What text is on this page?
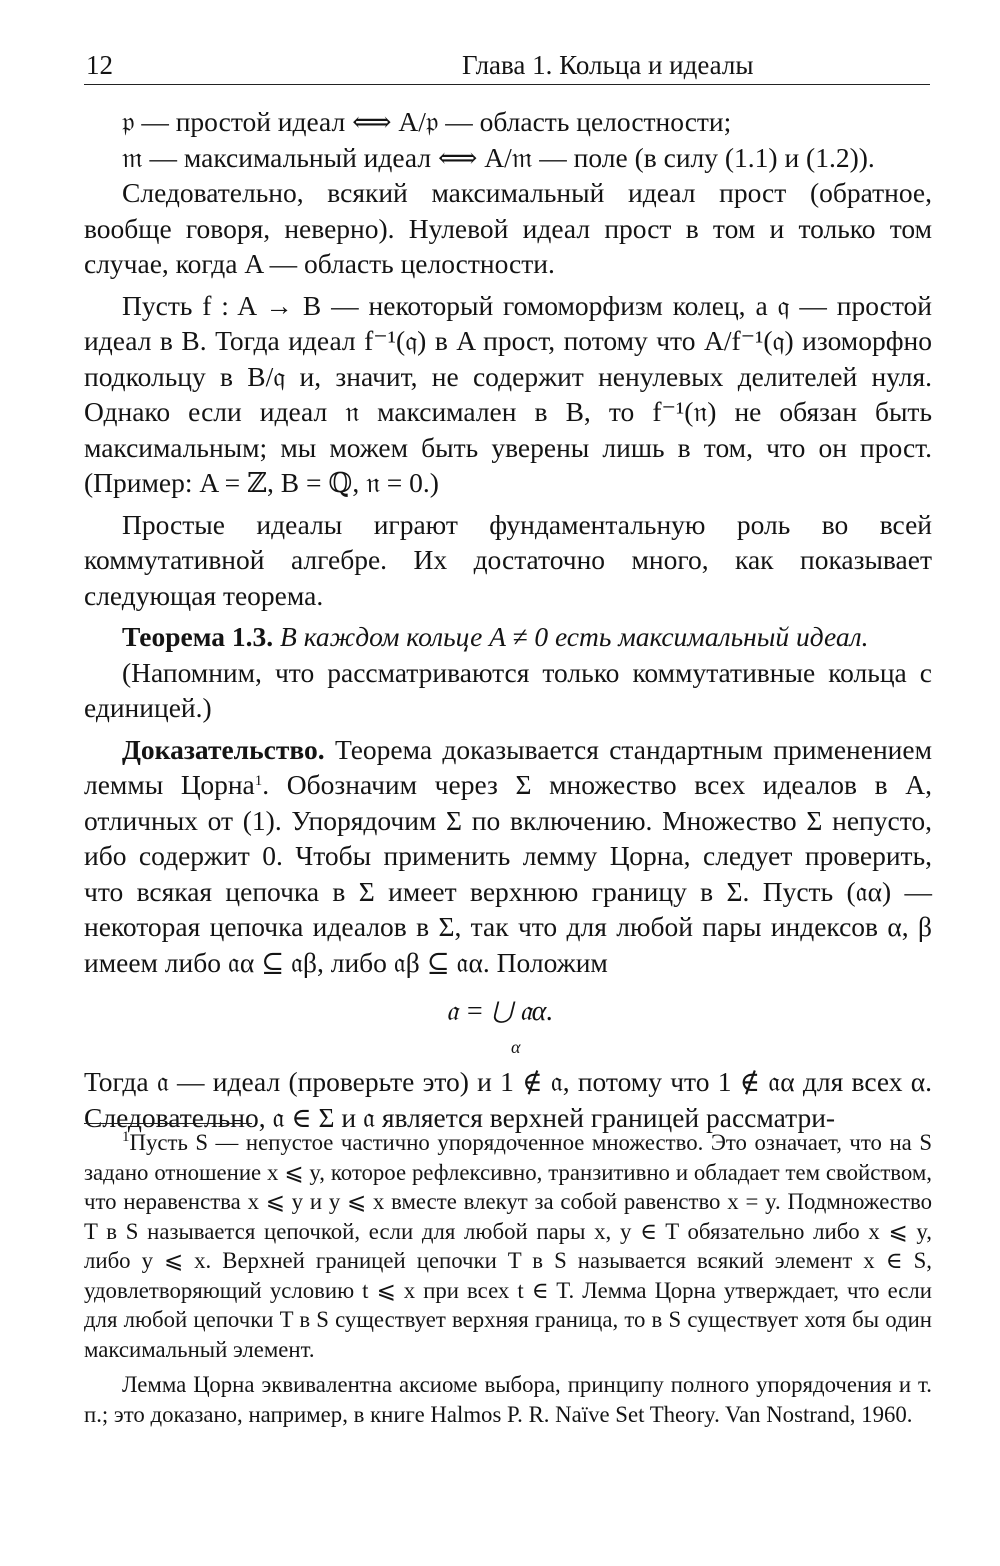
12	Глава 1. Кольца и идеалы

𝔭 — простой идеал ⟺ A/𝔭 — область целостности;

𝔪 — максимальный идеал ⟺ A/𝔪 — поле (в силу (1.1) и (1.2)).

Следовательно, всякий максимальный идеал прост (обратное, вообще говоря, неверно). Нулевой идеал прост в том и только том случае, когда A — область целостности.

Пусть f : A → B — некоторый гомоморфизм колец, а 𝔮 — простой идеал в B. Тогда идеал f⁻¹(𝔮) в A прост, потому что A/f⁻¹(𝔮) изоморфно подкольцу в B/𝔮 и, значит, не содержит ненулевых делителей нуля. Однако если идеал 𝔫 максимален в B, то f⁻¹(𝔫) не обязан быть максимальным; мы можем быть уверены лишь в том, что он прост. (Пример: A = ℤ, B = ℚ, 𝔫 = 0.)

Простые идеалы играют фундаментальную роль во всей коммутативной алгебре. Их достаточно много, как показывает следующая теорема.

Теорема 1.3. В каждом кольце A ≠ 0 есть максимальный идеал.

(Напомним, что рассматриваются только коммутативные кольца с единицей.)

Доказательство. Теорема доказывается стандартным применением леммы Цорна$^1$. Обозначим через Σ множество всех идеалов в A, отличных от (1). Упорядочим Σ по включению. Множество Σ непусто, ибо содержит 0. Чтобы применить лемму Цорна, следует проверить, что всякая цепочка в Σ имеет верхнюю границу в Σ. Пусть (𝔞α) — некоторая цепочка идеалов в Σ, так что для любой пары индексов α, β имеем либо 𝔞α ⊆ 𝔞β, либо 𝔞β ⊆ 𝔞α. Положим

𝔞 = ⋃ 𝔞α.
α

Тогда 𝔞 — идеал (проверьте это) и 1 ∉ 𝔞, потому что 1 ∉ 𝔞α для всех α. Следовательно, 𝔞 ∈ Σ и 𝔞 является верхней границей рассматри-

$^1$Пусть S — непустое частично упорядоченное множество. Это означает, что на S задано отношение x ⩽ y, которое рефлексивно, транзитивно и обладает тем свойством, что неравенства x ⩽ y и y ⩽ x вместе влекут за собой равенство x = y. Подмножество T в S называется цепочкой, если для любой пары x, y ∈ T обязательно либо x ⩽ y, либо y ⩽ x. Верхней границей цепочки T в S называется всякий элемент x ∈ S, удовлетворяющий условию t ⩽ x при всех t ∈ T. Лемма Цорна утверждает, что если для любой цепочки T в S существует верхняя граница, то в S существует хотя бы один максимальный элемент.

Лемма Цорна эквивалентна аксиоме выбора, принципу полного упорядочения и т. п.; это доказано, например, в книге Halmos P. R. Naïve Set Theory. Van Nostrand, 1960.
